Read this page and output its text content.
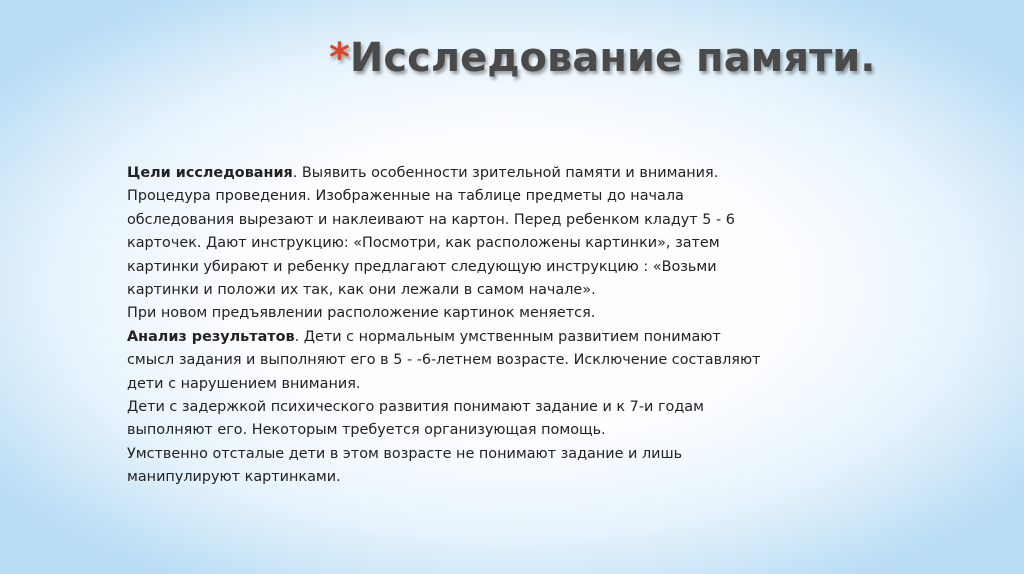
*Исследование памяти.

Цели исследования. Выявить особенности зрительной памяти и внимания.

Процедура проведения. Изображенные на таблице предметы до начала

обследования вырезают и наклеивают на картон. Перед ребенком кладут 5 - 6

карточек. Дают инструкцию: «Посмотри, как расположены картинки», затем

картинки убирают и ребенку предлагают следующую инструкцию : «Возьми

картинки и положи их так, как они лежали в самом начале».

При новом предъявлении расположение картинок меняется.

Анализ результатов. Дети с нормальным умственным развитием понимают

смысл задания и выполняют его в 5 - -6-летнем возрасте. Исключение составляют

дети с нарушением внимания.

Дети с задержкой психического развития понимают задание и к 7-и годам

выполняют его. Некоторым требуется организующая помощь.

Умственно отсталые дети в этом возрасте не понимают задание и лишь

манипулируют картинками.
